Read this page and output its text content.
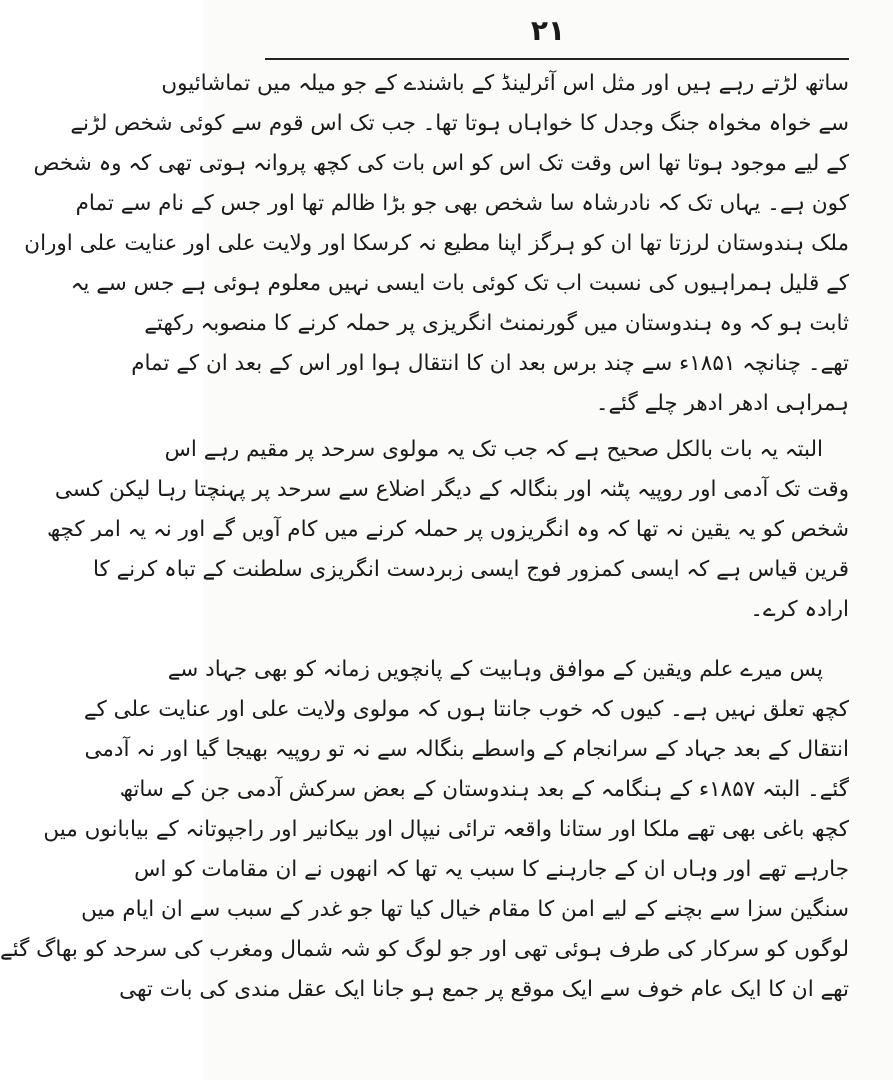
۲۱
ساتھ لڑتے رہے ہیں اور مثل اس آئرلینڈ کے باشندے کے جو میلہ میں تماشائیوں
سے خواہ مخواہ جنگ وجدل کا خواہاں ہوتا تھا۔ جب تک اس قوم سے کوئی شخص لڑنے
کے لیے موجود ہوتا تھا اس وقت تک اس کو اس بات کی کچھ پروانہ ہوتی تھی کہ وہ شخص
کون ہے۔ یہاں تک کہ نادرشاہ سا شخص بھی جو بڑا ظالم تھا اور جس کے نام سے تمام
ملک ہندوستان لرزتا تھا ان کو ہرگز اپنا مطیع نہ کرسکا اور ولایت علی اور عنایت علی اوران
کے قلیل ہمراہیوں کی نسبت اب تک کوئی بات ایسی نہیں معلوم ہوئی ہے جس سے یہ
ثابت ہو کہ وہ ہندوستان میں گورنمنٹ انگریزی پر حملہ کرنے کا منصوبہ رکھتے
تھے۔ چنانچہ ۱۸۵۱ء سے چند برس بعد ان کا انتقال ہوا اور اس کے بعد ان کے تمام
ہمراہی ادھر ادھر چلے گئے۔
البتہ یہ بات بالکل صحیح ہے کہ جب تک یہ مولوی سرحد پر مقیم رہے اس
وقت تک آدمی اور روپیہ پٹنہ اور بنگالہ کے دیگر اضلاع سے سرحد پر پہنچتا رہا لیکن کسی
شخص کو یہ یقین نہ تھا کہ وہ انگریزوں پر حملہ کرنے میں کام آویں گے اور نہ یہ امر کچھ
قرین قیاس ہے کہ ایسی کمزور فوج ایسی زبردست انگریزی سلطنت کے تباہ کرنے کا
ارادہ کرے۔
پس میرے علم ویقین کے موافق وہابیت کے پانچویں زمانہ کو بھی جہاد سے
کچھ تعلق نہیں ہے۔ کیوں کہ خوب جانتا ہوں کہ مولوی ولایت علی اور عنایت علی کے
انتقال کے بعد جہاد کے سرانجام کے واسطے بنگالہ سے نہ تو روپیہ بھیجا گیا اور نہ آدمی
گئے۔ البتہ ۱۸۵۷ء کے ہنگامہ کے بعد ہندوستان کے بعض سرکش آدمی جن کے ساتھ
کچھ باغی بھی تھے ملکا اور ستانا واقعہ ترائی نیپال اور بیکانیر اور راجپوتانہ کے بیابانوں میں
جارہے تھے اور وہاں ان کے جارہنے کا سبب یہ تھا کہ انھوں نے ان مقامات کو اس
سنگین سزا سے بچنے کے لیے امن کا مقام خیال کیا تھا جو غدر کے سبب سے ان ایام میں
لوگوں کو سرکار کی طرف ہوئی تھی اور جو لوگ کو شہ شمال ومغرب کی سرحد کو بھاگ گئے
تھے ان کا ایک عام خوف سے ایک موقع پر جمع ہو جانا ایک عقل مندی کی بات تھی
